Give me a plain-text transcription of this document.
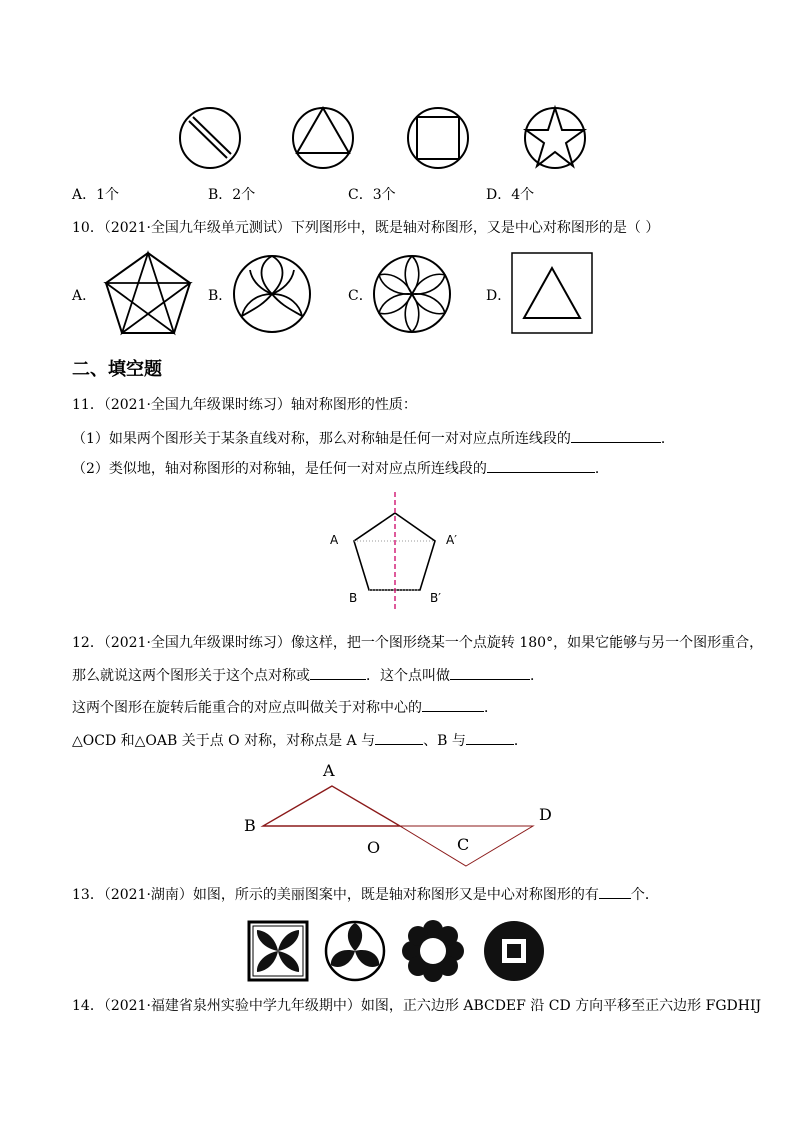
A．1个	B．2个	C．3个	D．4个
10．（2021·全国九年级单元测试）下列图形中，既是轴对称图形，又是中心对称图形的是（ ）
A．	B．	C．	D．
二、填空题
11．（2021·全国九年级课时练习）轴对称图形的性质：
（1）如果两个图形关于某条直线对称，那么对称轴是任何一对对应点所连线段的	．
（2）类似地，轴对称图形的对称轴，是任何一对对应点所连线段的	．
A	A′
B	B′
12．（2021·全国九年级课时练习）像这样，把一个图形绕某一个点旋转 180°，如果它能够与另一个图形重合，
那么就说这两个图形关于这个点对称或	．这个点叫做	．
这两个图形在旋转后能重合的对应点叫做关于对称中心的	．
△OCD 和△OAB 关于点 O 对称，对称点是 A 与	、B 与	．
A
B
O	C
D
13．（2021·湖南）如图，所示的美丽图案中，既是轴对称图形又是中心对称图形的有 个．
14．（2021·福建省泉州实验中学九年级期中）如图，正六边形 ABCDEF 沿 CD 方向平移至正六边形 FGDHIJ
